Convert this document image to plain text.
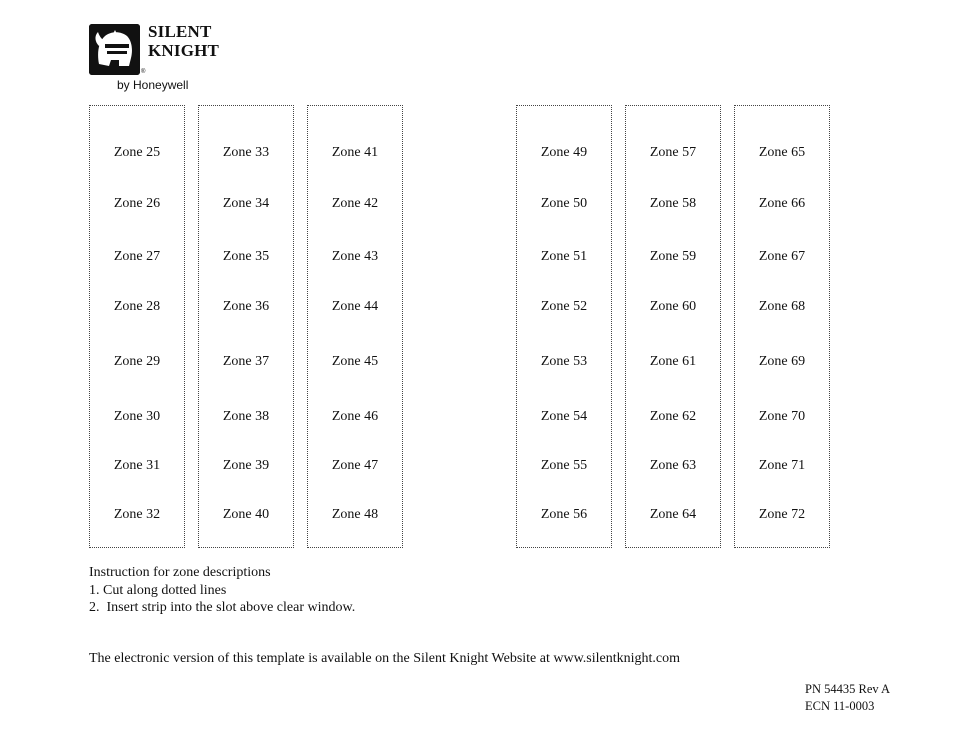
SILENT
KNIGHT
®
by Honeywell
Zone 25
Zone 26
Zone 27
Zone 28
Zone 29
Zone 30
Zone 31
Zone 32
Zone 33
Zone 34
Zone 35
Zone 36
Zone 37
Zone 38
Zone 39
Zone 40
Zone 41
Zone 42
Zone 43
Zone 44
Zone 45
Zone 46
Zone 47
Zone 48
Zone 49
Zone 50
Zone 51
Zone 52
Zone 53
Zone 54
Zone 55
Zone 56
Zone 57
Zone 58
Zone 59
Zone 60
Zone 61
Zone 62
Zone 63
Zone 64
Zone 65
Zone 66
Zone 67
Zone 68
Zone 69
Zone 70
Zone 71
Zone 72
Instruction for zone descriptions
1. Cut along dotted lines
2.  Insert strip into the slot above clear window.
The electronic version of this template is available on the Silent Knight Website at www.silentknight.com
PN 54435 Rev A
ECN 11-0003
